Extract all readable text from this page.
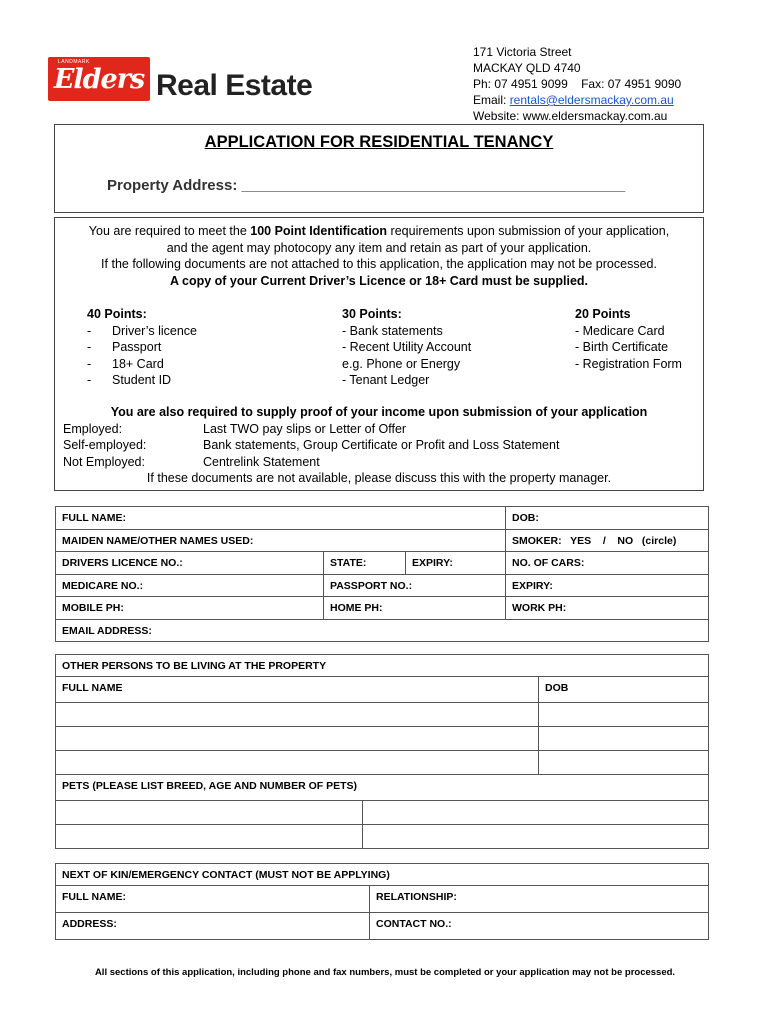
LANDMARK
Elders Real Estate
171 Victoria Street
MACKAY QLD 4740
Ph: 07 4951 9099    Fax: 07 4951 9090
Email: rentals@eldersmackay.com.au
Website: www.eldersmackay.com.au
APPLICATION FOR RESIDENTIAL TENANCY
Property Address: ______________________________________________
You are required to meet the 100 Point Identification requirements upon submission of your application,
and the agent may photocopy any item and retain as part of your application.
If the following documents are not attached to this application, the application may not be processed.
A copy of your Current Driver’s Licence or 18+ Card must be supplied.
40 Points:
-      Driver’s licence
-      Passport
-      18+ Card
-      Student ID
30 Points:
- Bank statements
- Recent Utility Account
e.g. Phone or Energy
- Tenant Ledger
20 Points
- Medicare Card
- Birth Certificate
- Registration Form
You are also required to supply proof of your income upon submission of your application
Employed:	Last TWO pay slips or Letter of Offer
Self-employed:	Bank statements, Group Certificate or Profit and Loss Statement
Not Employed:	Centrelink Statement
If these documents are not available, please discuss this with the property manager.
FULL NAME:			DOB:
MAIDEN NAME/OTHER NAMES USED:			SMOKER:   YES    /    NO   (circle)
DRIVERS LICENCE NO.:	STATE:	EXPIRY:	NO. OF CARS:
MEDICARE NO.:	PASSPORT NO.:		EXPIRY:
MOBILE PH:	HOME PH:		WORK PH:
EMAIL ADDRESS:			
OTHER PERSONS TO BE LIVING AT THE PROPERTY		
FULL NAME		DOB

PETS (PLEASE LIST BREED, AGE AND NUMBER OF PETS)		

NEXT OF KIN/EMERGENCY CONTACT (MUST NOT BE APPLYING)	
FULL NAME:	RELATIONSHIP:
ADDRESS:	CONTACT NO.:
All sections of this application, including phone and fax numbers, must be completed or your application may not be processed.
